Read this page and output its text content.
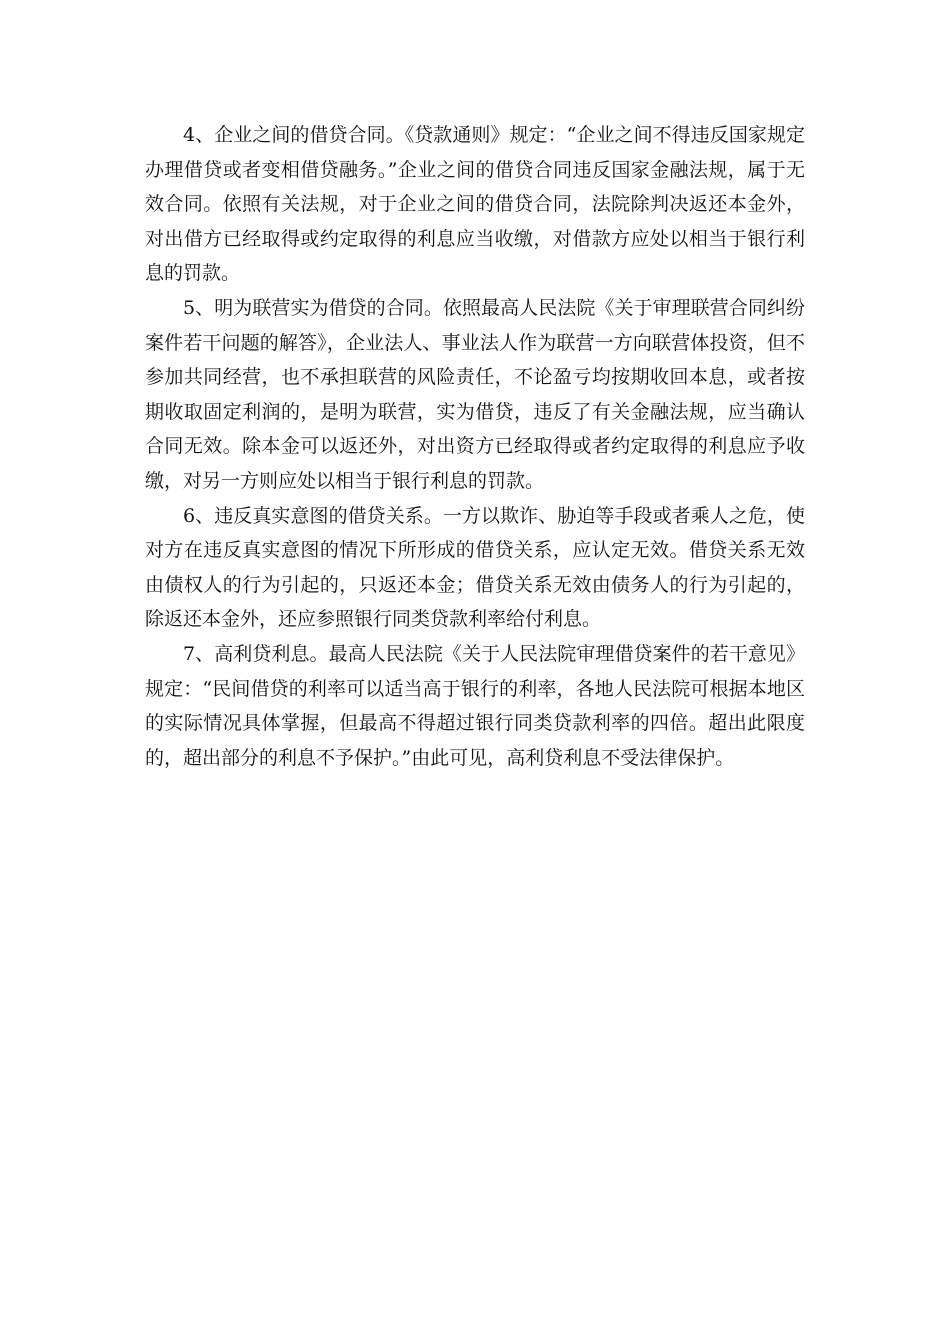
4、企业之间的借贷合同。《贷款通则》规定：“企业之间不得违反国家规定办理借贷或者变相借贷融务。”企业之间的借贷合同违反国家金融法规，属于无效合同。依照有关法规，对于企业之间的借贷合同，法院除判决返还本金外，对出借方已经取得或约定取得的利息应当收缴，对借款方应处以相当于银行利息的罚款。

5、明为联营实为借贷的合同。依照最高人民法院《关于审理联营合同纠纷案件若干问题的解答》，企业法人、事业法人作为联营一方向联营体投资，但不参加共同经营，也不承担联营的风险责任，不论盈亏均按期收回本息，或者按期收取固定利润的，是明为联营，实为借贷，违反了有关金融法规，应当确认合同无效。除本金可以返还外，对出资方已经取得或者约定取得的利息应予收缴，对另一方则应处以相当于银行利息的罚款。

6、违反真实意图的借贷关系。一方以欺诈、胁迫等手段或者乘人之危，使对方在违反真实意图的情况下所形成的借贷关系，应认定无效。借贷关系无效由债权人的行为引起的，只返还本金；借贷关系无效由债务人的行为引起的，除返还本金外，还应参照银行同类贷款利率给付利息。

7、高利贷利息。最高人民法院《关于人民法院审理借贷案件的若干意见》规定：“民间借贷的利率可以适当高于银行的利率，各地人民法院可根据本地区的实际情况具体掌握，但最高不得超过银行同类贷款利率的四倍。超出此限度的，超出部分的利息不予保护。”由此可见，高利贷利息不受法律保护。
